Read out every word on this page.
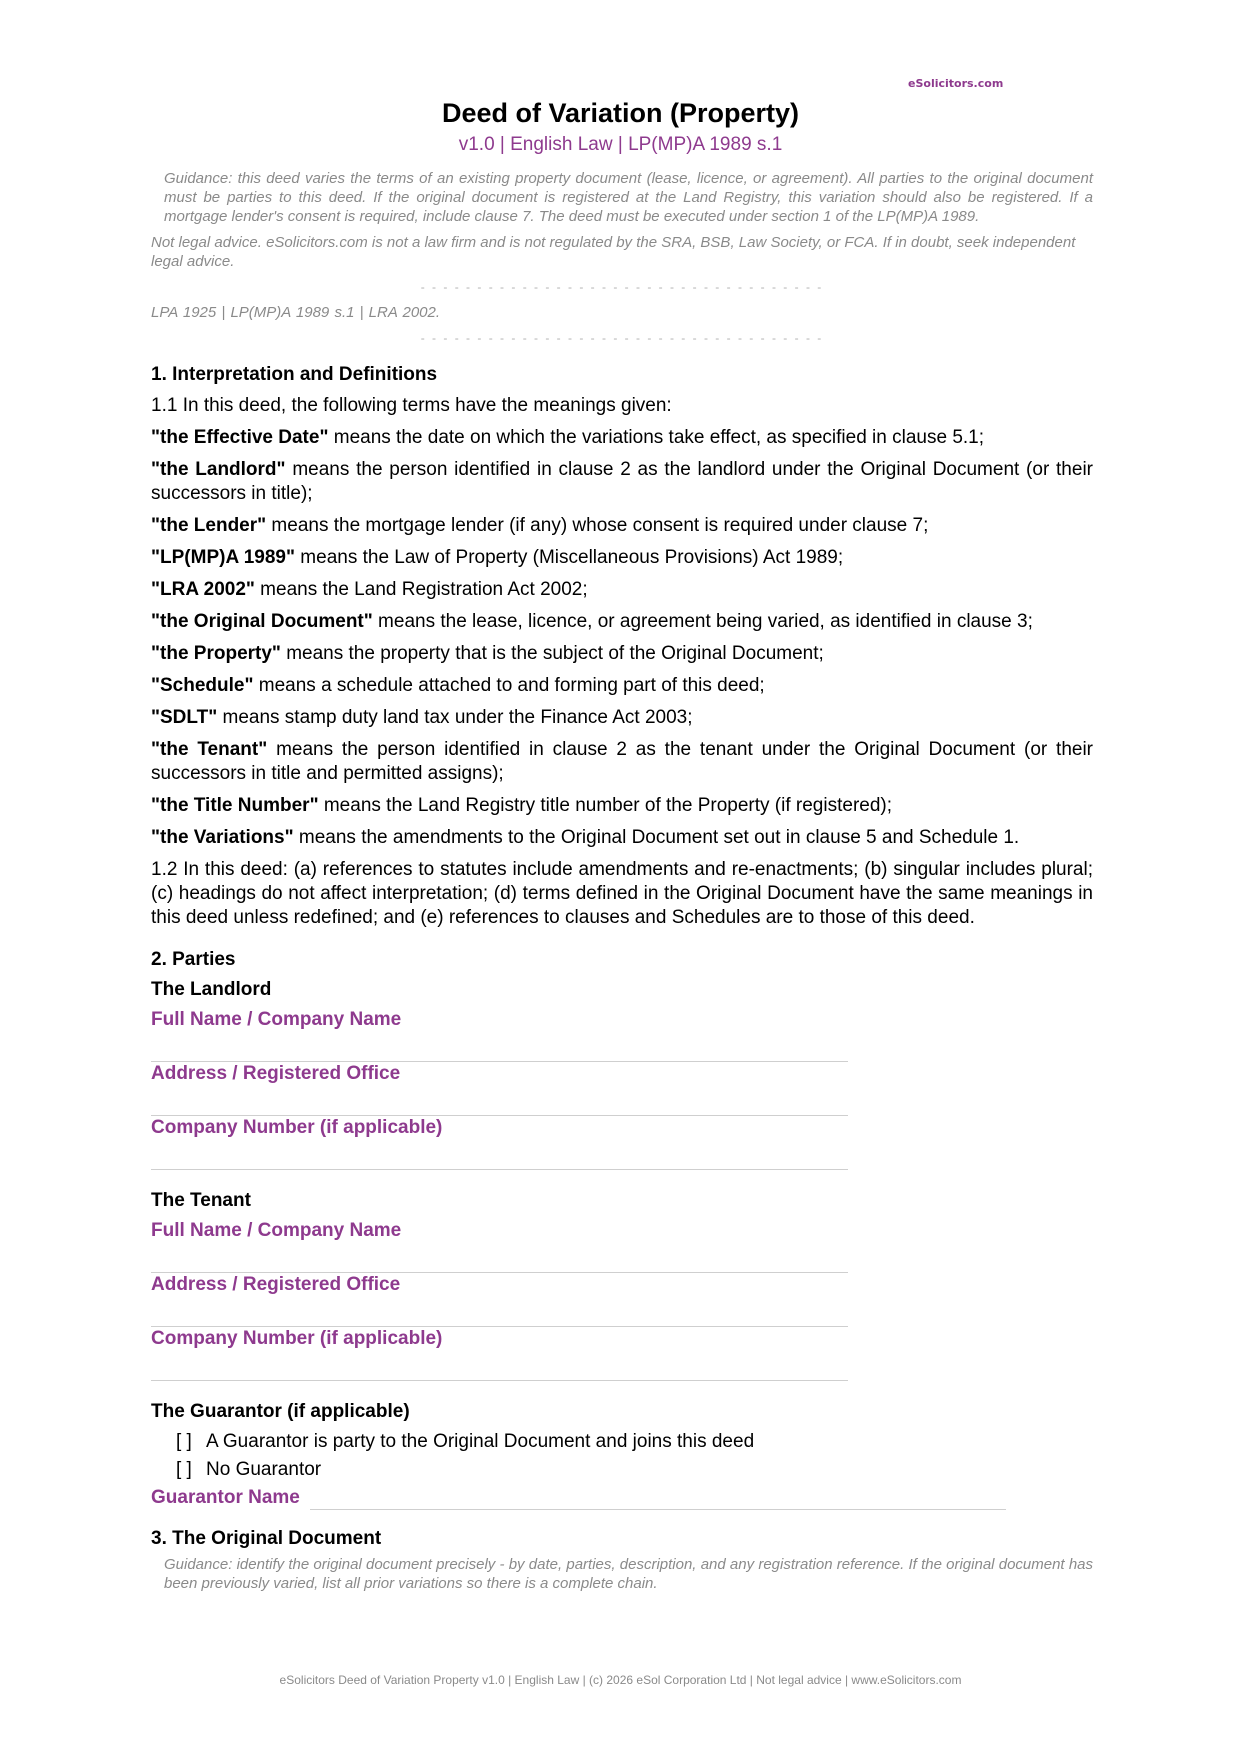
eSolicitors.com
Deed of Variation (Property)
v1.0 | English Law | LP(MP)A 1989 s.1

Guidance: this deed varies the terms of an existing property document (lease, licence, or agreement). All parties to the original document must be parties to this deed. If the original document is registered at the Land Registry, this variation should also be registered. If a mortgage lender's consent is required, include clause 7. The deed must be executed under section 1 of the LP(MP)A 1989.

Not legal advice. eSolicitors.com is not a law firm and is not regulated by the SRA, BSB, Law Society, or FCA. If in doubt, seek independent legal advice.

- - - - - - - - - - - - - - - - - - - - - - - - - - - - - - - - - - - -

LPA 1925 | LP(MP)A 1989 s.1 | LRA 2002.

- - - - - - - - - - - - - - - - - - - - - - - - - - - - - - - - - - - -

1. Interpretation and Definitions

1.1 In this deed, the following terms have the meanings given:

"the Effective Date" means the date on which the variations take effect, as specified in clause 5.1;

"the Landlord" means the person identified in clause 2 as the landlord under the Original Document (or their successors in title);

"the Lender" means the mortgage lender (if any) whose consent is required under clause 7;

"LP(MP)A 1989" means the Law of Property (Miscellaneous Provisions) Act 1989;

"LRA 2002" means the Land Registration Act 2002;

"the Original Document" means the lease, licence, or agreement being varied, as identified in clause 3;

"the Property" means the property that is the subject of the Original Document;

"Schedule" means a schedule attached to and forming part of this deed;

"SDLT" means stamp duty land tax under the Finance Act 2003;

"the Tenant" means the person identified in clause 2 as the tenant under the Original Document (or their successors in title and permitted assigns);

"the Title Number" means the Land Registry title number of the Property (if registered);

"the Variations" means the amendments to the Original Document set out in clause 5 and Schedule 1.

1.2 In this deed: (a) references to statutes include amendments and re-enactments; (b) singular includes plural; (c) headings do not affect interpretation; (d) terms defined in the Original Document have the same meanings in this deed unless redefined; and (e) references to clauses and Schedules are to those of this deed.

2. Parties

The Landlord

Full Name / Company Name
Address / Registered Office
Company Number (if applicable)

The Tenant

Full Name / Company Name
Address / Registered Office
Company Number (if applicable)

The Guarantor (if applicable)

[ ] A Guarantor is party to the Original Document and joins this deed
[ ] No Guarantor
Guarantor Name

3. The Original Document

Guidance: identify the original document precisely - by date, parties, description, and any registration reference. If the original document has been previously varied, list all prior variations so there is a complete chain.

eSolicitors Deed of Variation Property v1.0 | English Law | (c) 2026 eSol Corporation Ltd | Not legal advice | www.eSolicitors.com
